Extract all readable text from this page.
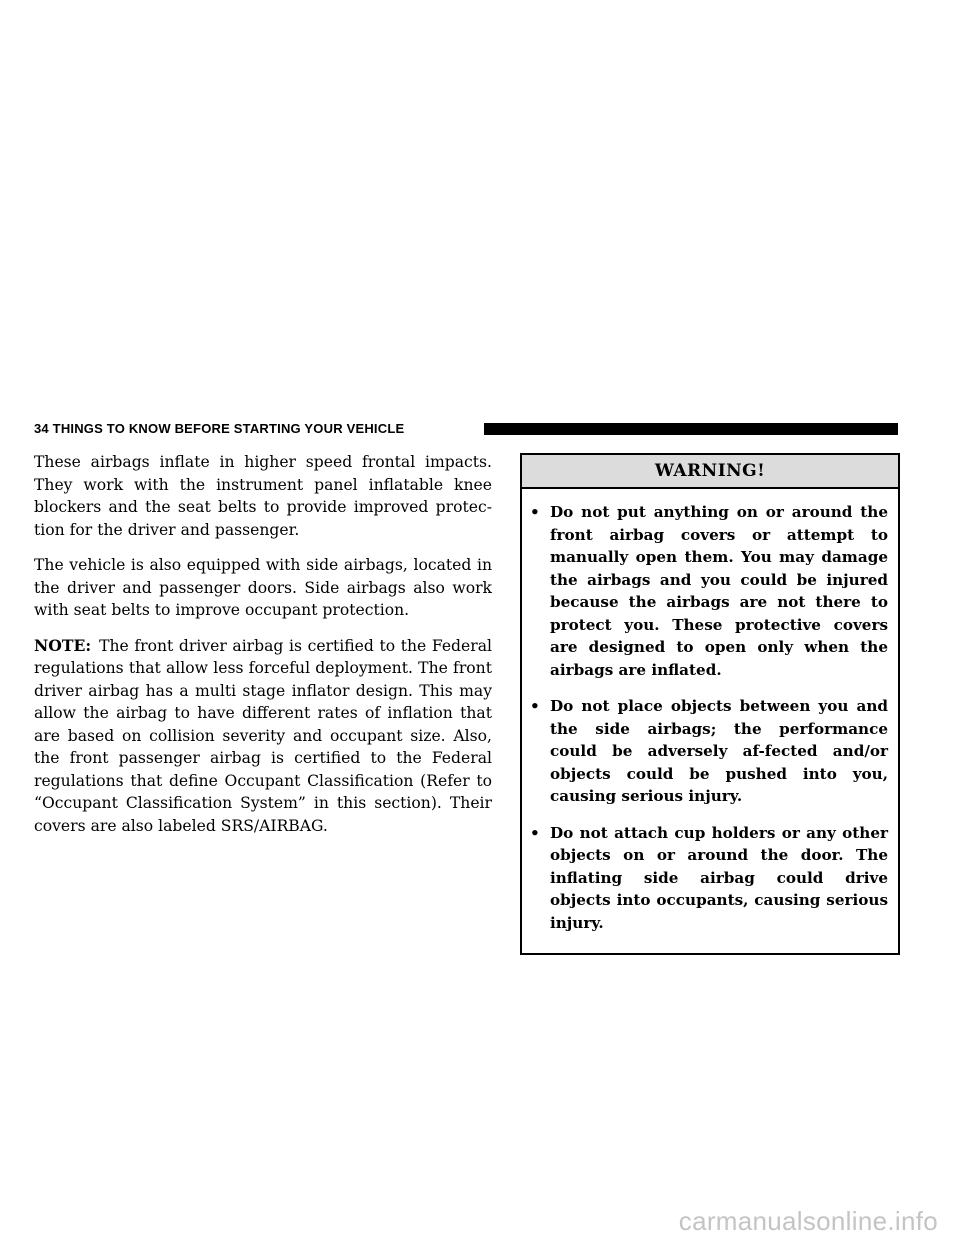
34 THINGS TO KNOW BEFORE STARTING YOUR VEHICLE

These airbags inflate in higher speed frontal impacts. They work with the instrument panel inflatable knee blockers and the seat belts to provide improved protec-tion for the driver and passenger.

The vehicle is also equipped with side airbags, located in the driver and passenger doors. Side airbags also work with seat belts to improve occupant protection.

NOTE: The front driver airbag is certified to the Federal regulations that allow less forceful deployment. The front driver airbag has a multi stage inflator design. This may allow the airbag to have different rates of inflation that are based on collision severity and occupant size. Also, the front passenger airbag is certified to the Federal regulations that define Occupant Classification (Refer to “Occupant Classification System” in this section). Their covers are also labeled SRS/AIRBAG.

WARNING!
• Do not put anything on or around the front airbag covers or attempt to manually open them. You may damage the airbags and you could be injured because the airbags are not there to protect you. These protective covers are designed to open only when the airbags are inflated.
• Do not place objects between you and the side airbags; the performance could be adversely af-fected and/or objects could be pushed into you, causing serious injury.
• Do not attach cup holders or any other objects on or around the door. The inflating side airbag could drive objects into occupants, causing serious injury.
carmanualsonline.info
